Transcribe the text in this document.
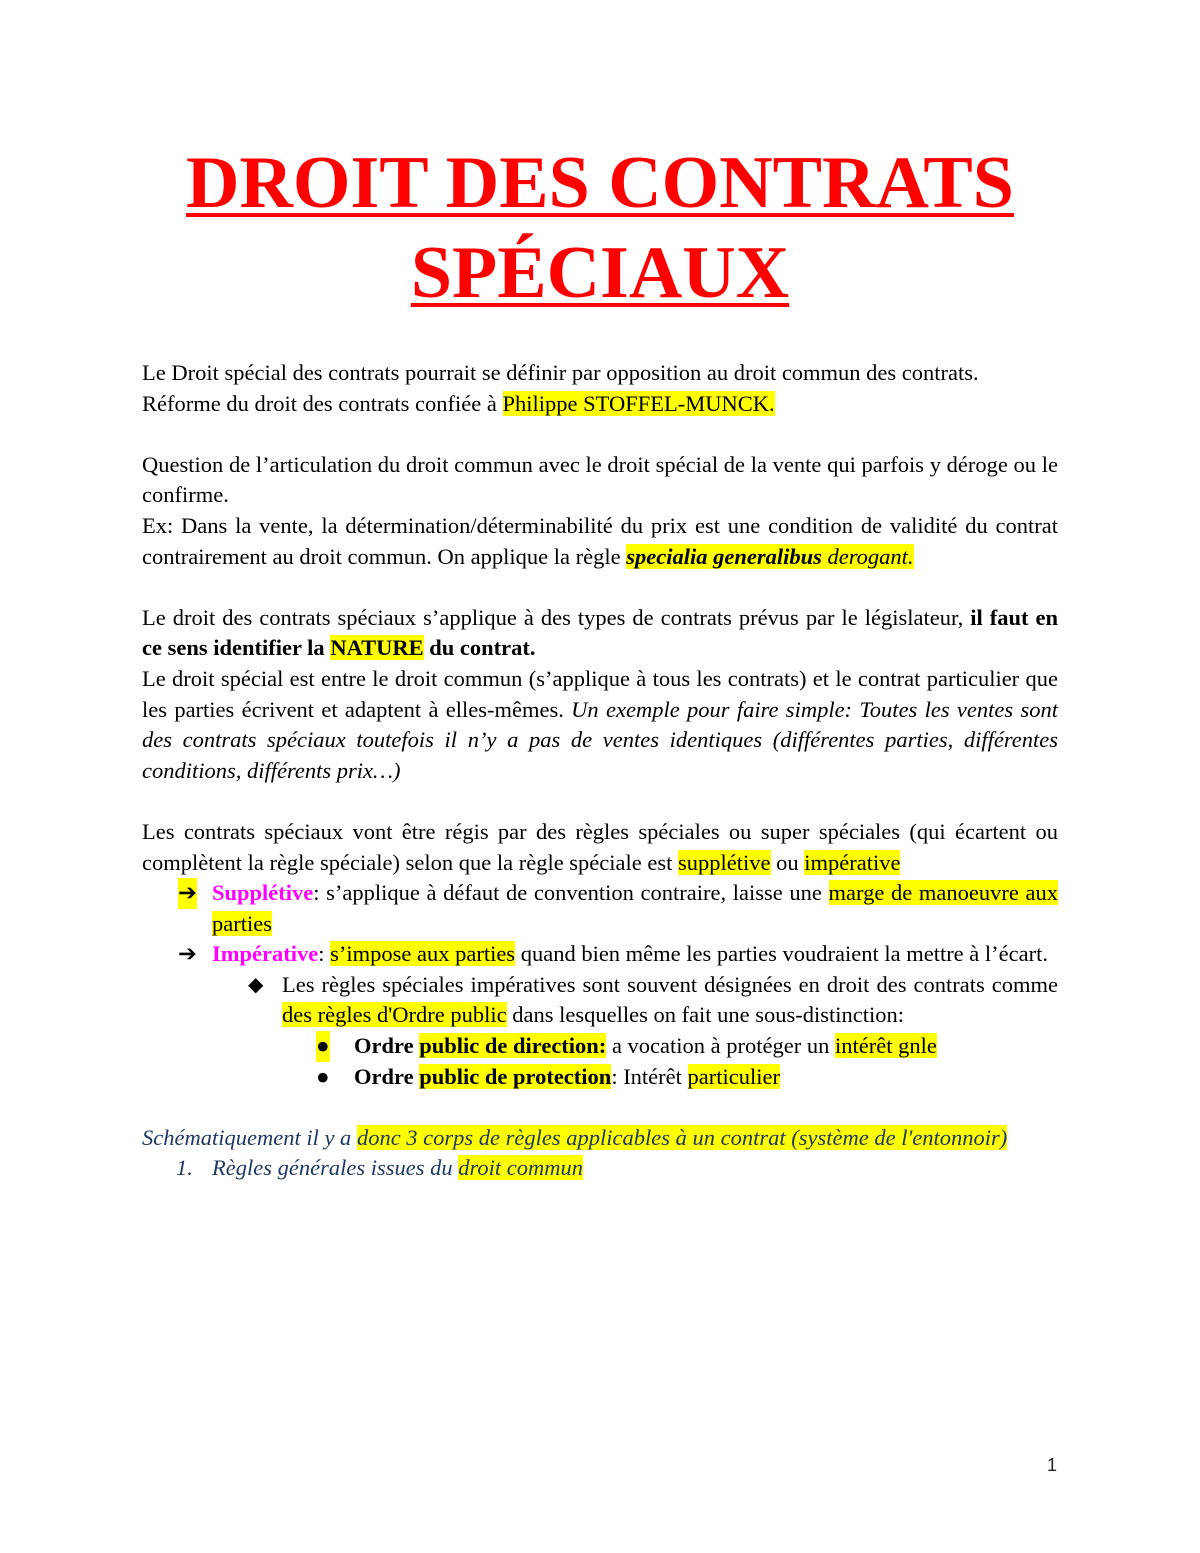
DROIT DES CONTRATS
SPÉCIAUX

Le Droit spécial des contrats pourrait se définir par opposition au droit commun des contrats.

Réforme du droit des contrats confiée à Philippe STOFFEL-MUNCK.

Question de l’articulation du droit commun avec le droit spécial de la vente qui parfois y déroge ou le confirme.

Ex: Dans la vente, la détermination/déterminabilité du prix est une condition de validité du contrat contrairement au droit commun. On applique la règle specialia generalibus derogant.

Le droit des contrats spéciaux s’applique à des types de contrats prévus par le législateur, il faut en ce sens identifier la NATURE du contrat.

Le droit spécial est entre le droit commun (s’applique à tous les contrats) et le contrat particulier que les parties écrivent et adaptent à elles-mêmes. Un exemple pour faire simple: Toutes les ventes sont des contrats spéciaux toutefois il n’y a pas de ventes identiques (différentes parties, différentes conditions, différents prix…)

Les contrats spéciaux vont être régis par des règles spéciales ou super spéciales (qui écartent ou complètent la règle spéciale) selon que la règle spéciale est supplétive ou impérative

➔ Supplétive: s’applique à défaut de convention contraire, laisse une marge de manoeuvre aux parties
➔ Impérative: s’impose aux parties quand bien même les parties voudraient la mettre à l’écart.
◆ Les règles spéciales impératives sont souvent désignées en droit des contrats comme des règles d'Ordre public dans lesquelles on fait une sous-distinction:
● Ordre public de direction: a vocation à protéger un intérêt gnle
● Ordre public de protection: Intérêt particulier

Schématiquement il y a donc 3 corps de règles applicables à un contrat (système de l'entonnoir)

1. Règles générales issues du droit commun
1
